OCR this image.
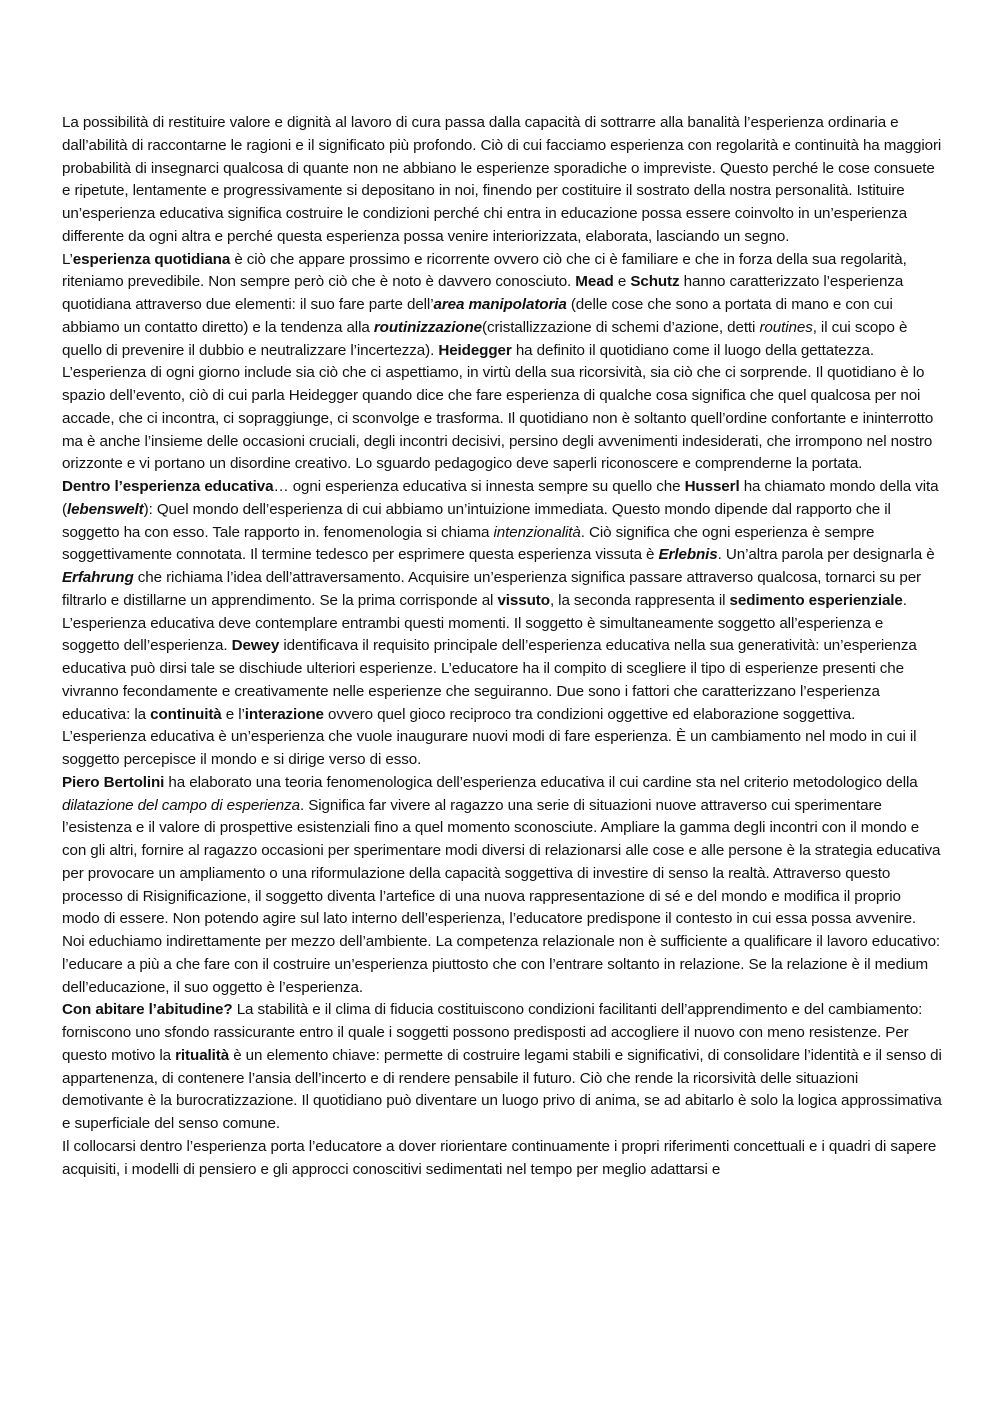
La possibilità di restituire valore e dignità al lavoro di cura passa dalla capacità di sottrarre alla banalità l’esperienza ordinaria e dall’abilità di raccontarne le ragioni e il significato più profondo. Ciò di cui facciamo esperienza con regolarità e continuità ha maggiori probabilità di insegnarci qualcosa di quante non ne abbiano le esperienze sporadiche o impreviste. Questo perché le cose consuete e ripetute, lentamente e progressivamente si depositano in noi, finendo per costituire il sostrato della nostra personalità. Istituire un’esperienza educativa significa costruire le condizioni perché chi entra in educazione possa essere coinvolto in un’esperienza differente da ogni altra e perché questa esperienza possa venire interiorizzata, elaborata, lasciando un segno.

L’esperienza quotidiana è ciò che appare prossimo e ricorrente ovvero ciò che ci è familiare e che in forza della sua regolarità, riteniamo prevedibile. Non sempre però ciò che è noto è davvero conosciuto. Mead e Schutz hanno caratterizzato l’esperienza quotidiana attraverso due elementi: il suo fare parte dell’area manipolatoria (delle cose che sono a portata di mano e con cui abbiamo un contatto diretto) e la tendenza alla routinizzazione(cristallizzazione di schemi d’azione, detti routines, il cui scopo è quello di prevenire il dubbio e neutralizzare l’incertezza). Heidegger ha definito il quotidiano come il luogo della gettatezza. L’esperienza di ogni giorno include sia ciò che ci aspettiamo, in virtù della sua ricorsività, sia ciò che ci sorprende. Il quotidiano è lo spazio dell’evento, ciò di cui parla Heidegger quando dice che fare esperienza di qualche cosa significa che quel qualcosa per noi accade, che ci incontra, ci sopraggiunge, ci sconvolge e trasforma. Il quotidiano non è soltanto quell’ordine confortante e ininterrotto ma è anche l’insieme delle occasioni cruciali, degli incontri decisivi, persino degli avvenimenti indesiderati, che irrompono nel nostro orizzonte e vi portano un disordine creativo. Lo sguardo pedagogico deve saperli riconoscere e comprenderne la portata.

Dentro l’esperienza educativa… ogni esperienza educativa si innesta sempre su quello che Husserl ha chiamato mondo della vita (lebenswelt): Quel mondo dell’esperienza di cui abbiamo un’intuizione immediata. Questo mondo dipende dal rapporto che il soggetto ha con esso. Tale rapporto in. fenomenologia si chiama intenzionalità. Ciò significa che ogni esperienza è sempre soggettivamente connotata. Il termine tedesco per esprimere questa esperienza vissuta è Erlebnis. Un’altra parola per designarla è Erfahrung che richiama l’idea dell’attraversamento. Acquisire un’esperienza significa passare attraverso qualcosa, tornarci su per filtrarlo e distillarne un apprendimento. Se la prima corrisponde al vissuto, la seconda rappresenta il sedimento esperienziale. L’esperienza educativa deve contemplare entrambi questi momenti. Il soggetto è simultaneamente soggetto all’esperienza e soggetto dell’esperienza. Dewey identificava il requisito principale dell’esperienza educativa nella sua generatività: un’esperienza educativa può dirsi tale se dischiude ulteriori esperienze. L’educatore ha il compito di scegliere il tipo di esperienze presenti che vivranno fecondamente e creativamente nelle esperienze che seguiranno. Due sono i fattori che caratterizzano l’esperienza educativa: la continuità e l’interazione ovvero quel gioco reciproco tra condizioni oggettive ed elaborazione soggettiva. L’esperienza educativa è un’esperienza che vuole inaugurare nuovi modi di fare esperienza. È un cambiamento nel modo in cui il soggetto percepisce il mondo e si dirige verso di esso.

Piero Bertolini ha elaborato una teoria fenomenologica dell’esperienza educativa il cui cardine sta nel criterio metodologico della dilatazione del campo di esperienza. Significa far vivere al ragazzo una serie di situazioni nuove attraverso cui sperimentare l’esistenza e il valore di prospettive esistenziali fino a quel momento sconosciute. Ampliare la gamma degli incontri con il mondo e con gli altri, fornire al ragazzo occasioni per sperimentare modi diversi di relazionarsi alle cose e alle persone è la strategia educativa per provocare un ampliamento o una riformulazione della capacità soggettiva di investire di senso la realtà. Attraverso questo processo di Risignificazione, il soggetto diventa l’artefice di una nuova rappresentazione di sé e del mondo e modifica il proprio modo di essere. Non potendo agire sul lato interno dell’esperienza, l’educatore predispone il contesto in cui essa possa avvenire. Noi educhiamo indirettamente per mezzo dell’ambiente. La competenza relazionale non è sufficiente a qualificare il lavoro educativo: l’educare a più a che fare con il costruire un’esperienza piuttosto che con l’entrare soltanto in relazione. Se la relazione è il medium dell’educazione, il suo oggetto è l’esperienza.

Con abitare l’abitudine? La stabilità e il clima di fiducia costituiscono condizioni facilitanti dell’apprendimento e del cambiamento: forniscono uno sfondo rassicurante entro il quale i soggetti possono predisposti ad accogliere il nuovo con meno resistenze. Per questo motivo la ritualità è un elemento chiave: permette di costruire legami stabili e significativi, di consolidare l’identità e il senso di appartenenza, di contenere l’ansia dell’incerto e di rendere pensabile il futuro. Ciò che rende la ricorsività delle situazioni demotivante è la burocratizzazione. Il quotidiano può diventare un luogo privo di anima, se ad abitarlo è solo la logica approssimativa e superficiale del senso comune.

Il collocarsi dentro l’esperienza porta l’educatore a dover riorientare continuamente i propri riferimenti concettuali e i quadri di sapere acquisiti, i modelli di pensiero e gli approcci conoscitivi sedimentati nel tempo per meglio adattarsi e
